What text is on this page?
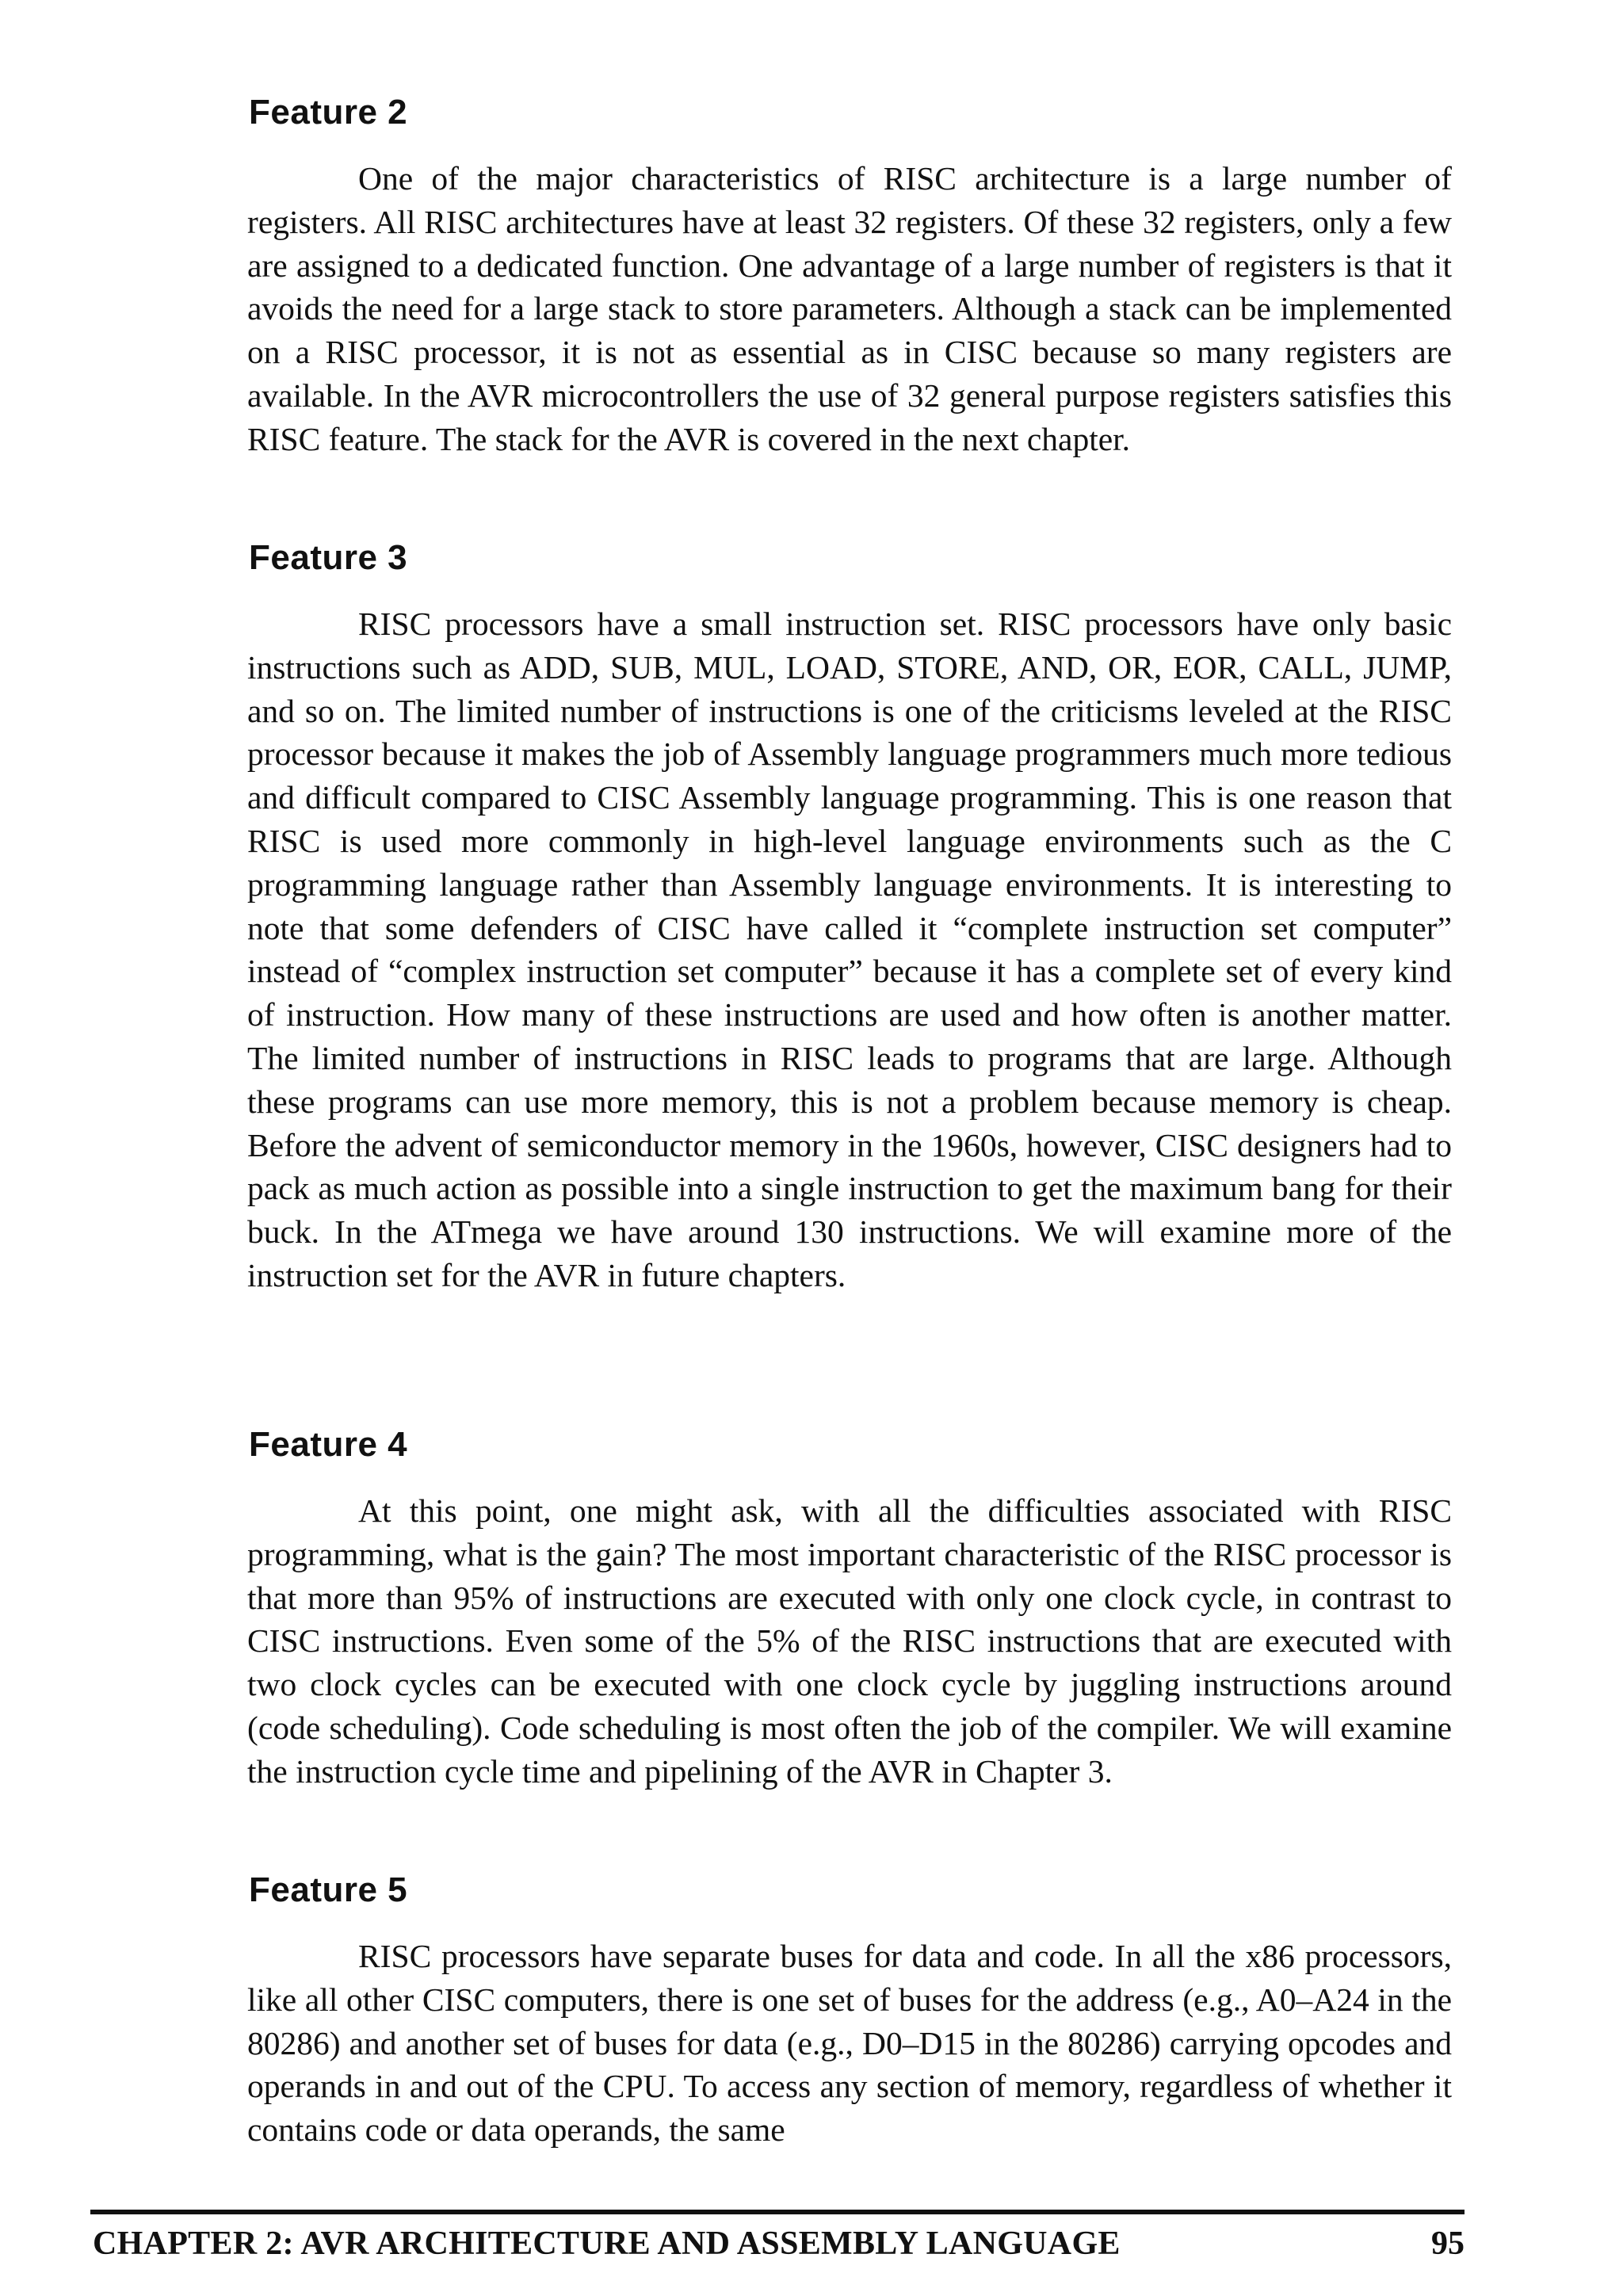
Feature 2

One of the major characteristics of RISC architecture is a large number of registers. All RISC architectures have at least 32 registers. Of these 32 registers, only a few are assigned to a dedicated function. One advantage of a large number of registers is that it avoids the need for a large stack to store parameters. Although a stack can be implemented on a RISC processor, it is not as essential as in CISC because so many registers are available. In the AVR microcontrollers the use of 32 general purpose registers satisfies this RISC feature. The stack for the AVR is covered in the next chapter.

Feature 3

RISC processors have a small instruction set. RISC processors have only basic instructions such as ADD, SUB, MUL, LOAD, STORE, AND, OR, EOR, CALL, JUMP, and so on. The limited number of instructions is one of the criticisms leveled at the RISC processor because it makes the job of Assembly language programmers much more tedious and difficult compared to CISC Assembly language programming. This is one reason that RISC is used more commonly in high-level language environments such as the C programming language rather than Assembly language environments. It is interesting to note that some defenders of CISC have called it “complete instruction set computer” instead of “complex instruction set computer” because it has a complete set of every kind of instruction. How many of these instructions are used and how often is another matter. The limited number of instructions in RISC leads to programs that are large. Although these programs can use more memory, this is not a problem because memory is cheap. Before the advent of semiconductor memory in the 1960s, however, CISC designers had to pack as much action as possible into a single instruction to get the maximum bang for their buck. In the ATmega we have around 130 instructions. We will examine more of the instruction set for the AVR in future chapters.

Feature 4

At this point, one might ask, with all the difficulties associated with RISC programming, what is the gain? The most important characteristic of the RISC processor is that more than 95% of instructions are executed with only one clock cycle, in contrast to CISC instructions. Even some of the 5% of the RISC instructions that are executed with two clock cycles can be executed with one clock cycle by juggling instructions around (code scheduling). Code scheduling is most often the job of the compiler. We will examine the instruction cycle time and pipelining of the AVR in Chapter 3.

Feature 5

RISC processors have separate buses for data and code. In all the x86 processors, like all other CISC computers, there is one set of buses for the address (e.g., A0–A24 in the 80286) and another set of buses for data (e.g., D0–D15 in the 80286) carrying opcodes and operands in and out of the CPU. To access any section of memory, regardless of whether it contains code or data operands, the same

CHAPTER 2: AVR ARCHITECTURE AND ASSEMBLY LANGUAGE	95
